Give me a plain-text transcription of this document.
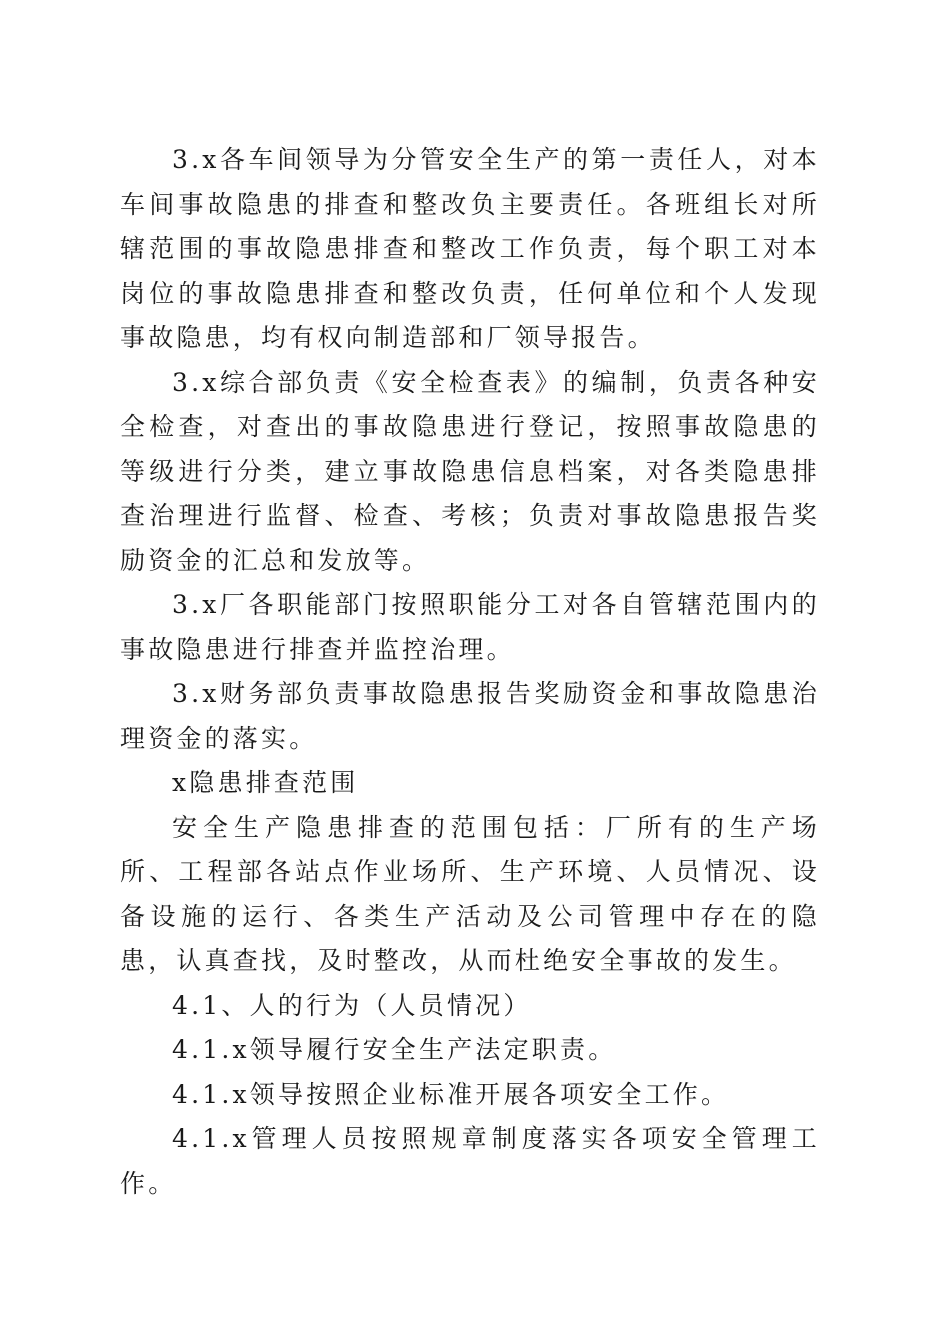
3.x各车间领导为分管安全生产的第一责任人，对本车间事故隐患的排查和整改负主要责任。各班组长对所辖范围的事故隐患排查和整改工作负责，每个职工对本岗位的事故隐患排查和整改负责，任何单位和个人发现事故隐患，均有权向制造部和厂领导报告。

3.x综合部负责《安全检查表》的编制，负责各种安全检查，对查出的事故隐患进行登记，按照事故隐患的等级进行分类，建立事故隐患信息档案，对各类隐患排查治理进行监督、检查、考核；负责对事故隐患报告奖励资金的汇总和发放等。

3.x厂各职能部门按照职能分工对各自管辖范围内的事故隐患进行排查并监控治理。

3.x财务部负责事故隐患报告奖励资金和事故隐患治理资金的落实。

x隐患排查范围

安全生产隐患排查的范围包括：厂所有的生产场所、工程部各站点作业场所、生产环境、人员情况、设备设施的运行、各类生产活动及公司管理中存在的隐患，认真查找，及时整改，从而杜绝安全事故的发生。

4.1、人的行为（人员情况）

4.1.x领导履行安全生产法定职责。

4.1.x领导按照企业标准开展各项安全工作。

4.1.x管理人员按照规章制度落实各项安全管理工作。
